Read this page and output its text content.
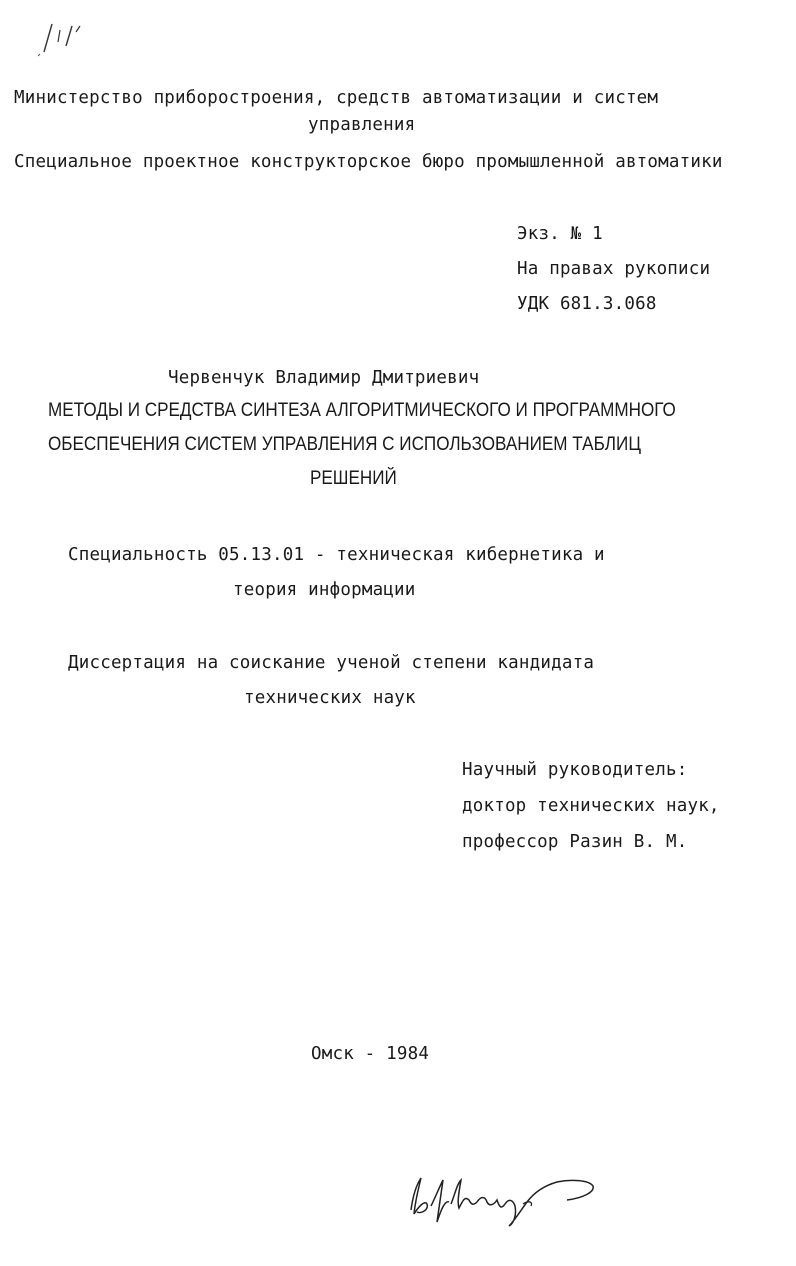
Министерство приборостроения, средств автоматизации и систем
управления
Специальное проектное конструкторское бюро промышленной автоматики
Экз. № 1
На правах рукописи
УДК 681.3.068
Червенчук Владимир Дмитриевич
МЕТОДЫ И СРЕДСТВА СИНТЕЗА АЛГОРИТМИЧЕСКОГО И ПРОГРАММНОГО
ОБЕСПЕЧЕНИЯ СИСТЕМ УПРАВЛЕНИЯ С ИСПОЛЬЗОВАНИЕМ ТАБЛИЦ
РЕШЕНИЙ
Специальность 05.13.01 - техническая кибернетика и
теория информации
Диссертация на соискание ученой степени кандидата
технических наук
Научный руководитель:
доктор технических наук,
профессор Разин В. М.
Омск - 1984
